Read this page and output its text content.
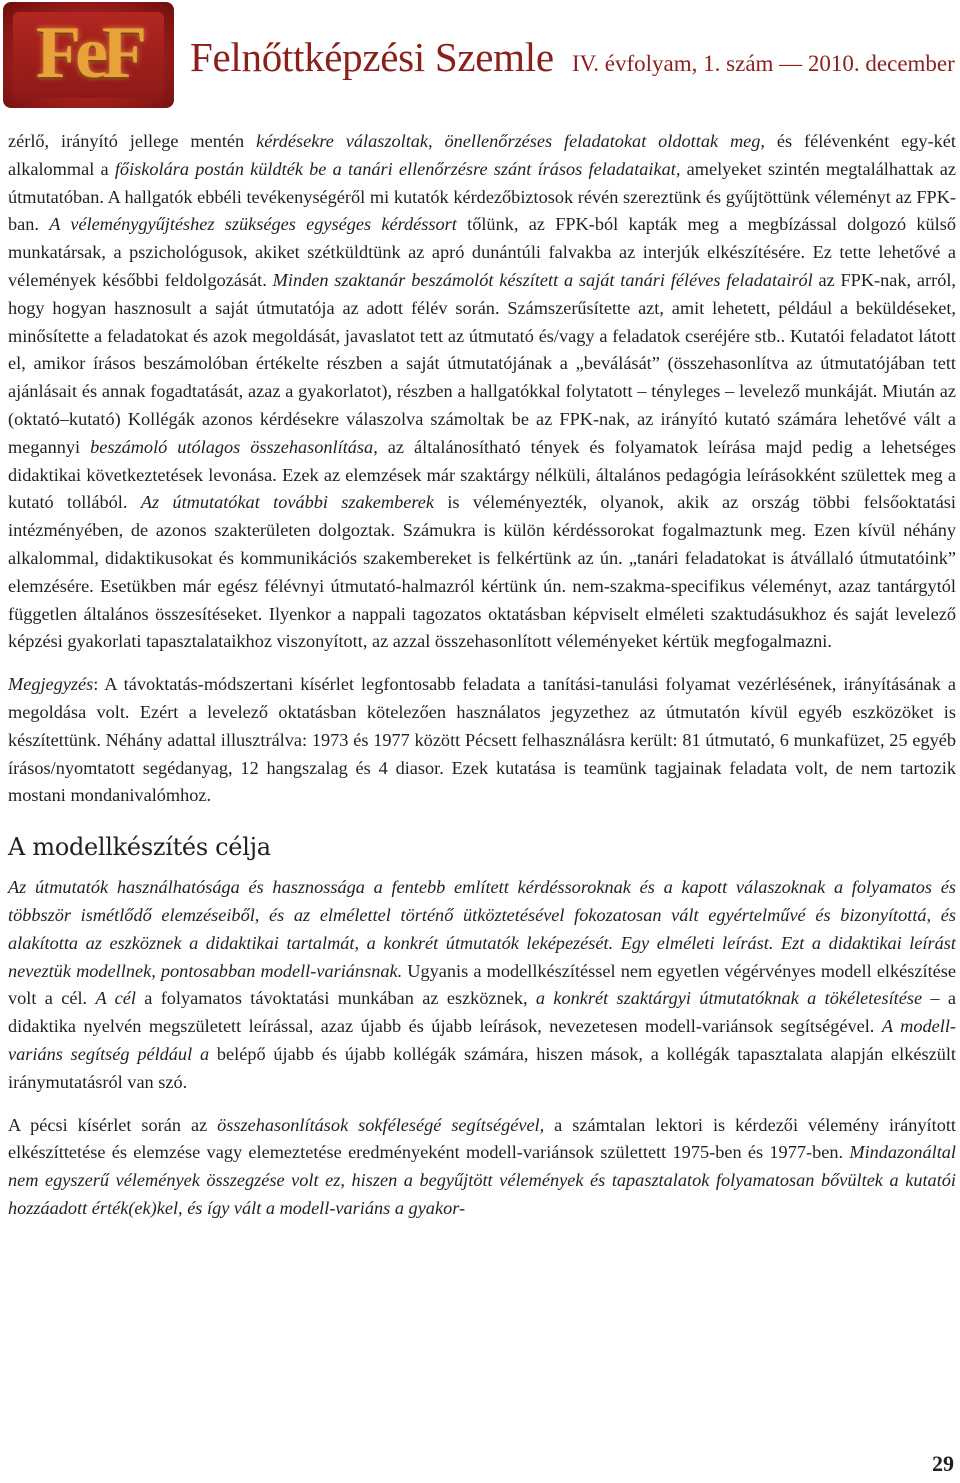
FeF	Felnőttképzési Szemle IV. évfolyam, 1. szám — 2010. december

zérlő, irányító jellege mentén kérdésekre válaszoltak, önellenőrzéses feladatokat oldottak meg, és félévenként egy-két alkalommal a főiskolára postán küldték be a tanári ellenőrzésre szánt írásos feladataikat, amelyeket szintén megtalálhattak az útmutatóban. A hallgatók ebbéli tevékenységéről mi kutatók kérdezőbiztosok révén szereztünk és gyűjtöttünk véleményt az FPK-ban. A véleménygyűjtéshez szükséges egységes kérdéssort tőlünk, az FPK-ból kapták meg a megbízással dolgozó külső munkatársak, a pszichológusok, akiket szétküldtünk az apró dunántúli falvakba az interjúk elkészítésére. Ez tette lehetővé a vélemények későbbi feldolgozását. Minden szaktanár beszámolót készített a saját tanári féléves feladatairól az FPK-nak, arról, hogy hogyan hasznosult a saját útmutatója az adott félév során. Számszerűsítette azt, amit lehetett, például a beküldéseket, minősítette a feladatokat és azok megoldását, javaslatot tett az útmutató és/vagy a feladatok cseréjére stb.. Kutatói feladatot látott el, amikor írásos beszámolóban értékelte részben a saját útmutatójának a „beválását” (összehasonlítva az útmutatójában tett ajánlásait és annak fogadtatását, azaz a gyakorlatot), részben a hallgatókkal folytatott – tényleges – levelező munkáját. Miután az (oktató–kutató) Kollégák azonos kérdésekre válaszolva számoltak be az FPK-nak, az irányító kutató számára lehetővé vált a megannyi beszámoló utólagos összehasonlítása, az általánosítható tények és folyamatok leírása majd pedig a lehetséges didaktikai következtetések levonása. Ezek az elemzések már szaktárgy nélküli, általános pedagógia leírásokként születtek meg a kutató tollából. Az útmutatókat további szakemberek is véleményezték, olyanok, akik az ország többi felsőoktatási intézményében, de azonos szakterületen dolgoztak. Számukra is külön kérdéssorokat fogalmaztunk meg. Ezen kívül néhány alkalommal, didaktikusokat és kommunikációs szakembereket is felkértünk az ún. „tanári feladatokat is átvállaló útmutatóink” elemzésére. Esetükben már egész félévnyi útmutató-halmazról kértünk ún. nem-szakma-specifikus véleményt, azaz tantárgytól független általános összesítéseket. Ilyenkor a nappali tagozatos oktatásban képviselt elméleti szaktudásukhoz és saját levelező képzési gyakorlati tapasztalataikhoz viszonyított, az azzal összehasonlított véleményeket kértük megfogalmazni.

Megjegyzés: A távoktatás-módszertani kísérlet legfontosabb feladata a tanítási-tanulási folyamat vezérlésének, irányításának a megoldása volt. Ezért a levelező oktatásban kötelezően használatos jegyzethez az útmutatón kívül egyéb eszközöket is készítettünk. Néhány adattal illusztrálva: 1973 és 1977 között Pécsett felhasználásra került: 81 útmutató, 6 munkafüzet, 25 egyéb írásos/nyomtatott segédanyag, 12 hangszalag és 4 diasor. Ezek kutatása is teamünk tagjainak feladata volt, de nem tartozik mostani mondanivalómhoz.

A modellkészítés célja

Az útmutatók használhatósága és hasznossága a fentebb említett kérdéssoroknak és a kapott válaszoknak a folyamatos és többször ismétlődő elemzéseiből, és az elmélettel történő ütköztetésével fokozatosan vált egyértelművé és bizonyítottá, és alakította az eszköznek a didaktikai tartalmát, a konkrét útmutatók leképezését. Egy elméleti leírást. Ezt a didaktikai leírást neveztük modellnek, pontosabban modell-variánsnak. Ugyanis a modellkészítéssel nem egyetlen végérvényes modell elkészítése volt a cél. A cél a folyamatos távoktatási munkában az eszköznek, a konkrét szaktárgyi útmutatóknak a tökéletesítése – a didaktika nyelvén megszületett leírással, azaz újabb és újabb leírások, nevezetesen modell-variánsok segítségével. A modell-variáns segítség például a belépő újabb és újabb kollégák számára, hiszen mások, a kollégák tapasztalata alapján elkészült iránymutatásról van szó.

A pécsi kísérlet során az összehasonlítások sokféleségé segítségével, a számtalan lektori is kérdezői vélemény irányított elkészíttetése és elemzése vagy elemeztetése eredményeként modell-variánsok születtett 1975-ben és 1977-ben. Mindazonáltal nem egyszerű vélemények összegzése volt ez, hiszen a begyűjtött vélemények és tapasztalatok folyamatosan bővültek a kutatói hozzáadott érték(ek)kel, és így vált a modell-variáns a gyakor-

29
